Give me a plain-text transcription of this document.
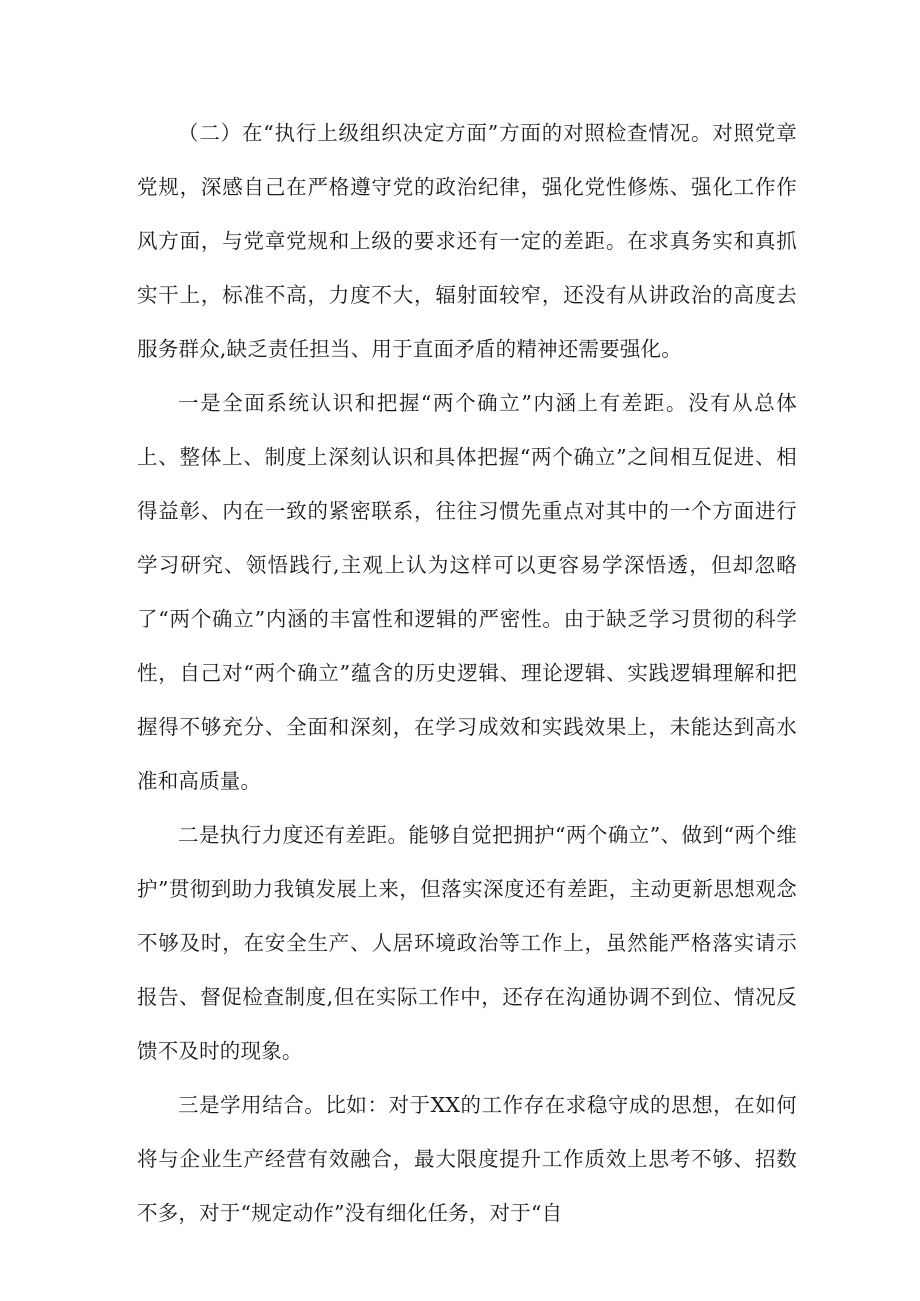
（二）在“执行上级组织决定方面”方面的对照检查情况。对照党章党规，深感自己在严格遵守党的政治纪律，强化党性修炼、强化工作作风方面，与党章党规和上级的要求还有一定的差距。在求真务实和真抓实干上，标准不高，力度不大，辐射面较窄，还没有从讲政治的高度去服务群众,缺乏责任担当、用于直面矛盾的精神还需要强化。

一是全面系统认识和把握“两个确立”内涵上有差距。没有从总体上、整体上、制度上深刻认识和具体把握“两个确立”之间相互促进、相得益彰、内在一致的紧密联系，往往习惯先重点对其中的一个方面进行学习研究、领悟践行,主观上认为这样可以更容易学深悟透，但却忽略了“两个确立”内涵的丰富性和逻辑的严密性。由于缺乏学习贯彻的科学性，自己对“两个确立”蕴含的历史逻辑、理论逻辑、实践逻辑理解和把握得不够充分、全面和深刻，在学习成效和实践效果上，未能达到高水准和高质量。

二是执行力度还有差距。能够自觉把拥护“两个确立”、做到“两个维护”贯彻到助力我镇发展上来，但落实深度还有差距，主动更新思想观念不够及时，在安全生产、人居环境政治等工作上，虽然能严格落实请示报告、督促检查制度,但在实际工作中，还存在沟通协调不到位、情况反馈不及时的现象。

三是学用结合。比如：对于XX的工作存在求稳守成的思想，在如何将与企业生产经营有效融合，最大限度提升工作质效上思考不够、招数不多，对于“规定动作”没有细化任务，对于“自
